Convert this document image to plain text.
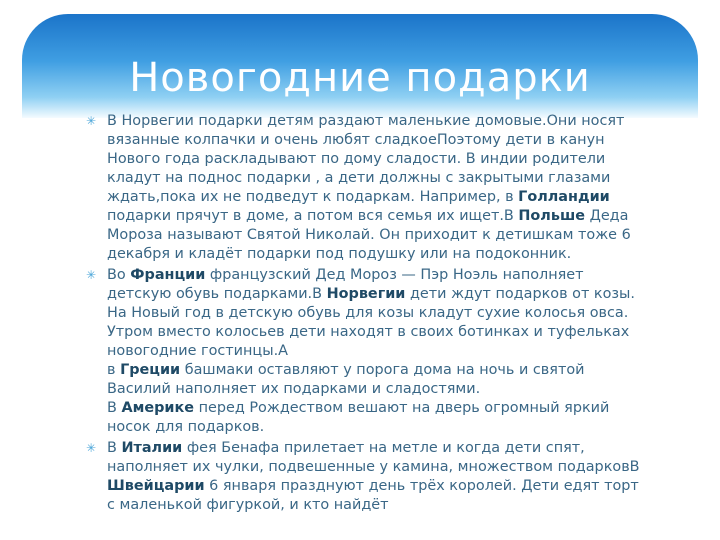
Новогодние подарки
✳ В Норвегии подарки детям раздают маленькие домовые.Они носят вязанные колпачки и очень любят сладкоеПоэтому дети в канун Нового года раскладывают по дому сладости. В индии родители кладут на поднос подарки , а дети должны с закрытыми глазами ждать,пока их не подведут к подаркам. Например, в Голландии подарки прячут в доме, а потом вся семья их ищет.В Польше Деда Мороза называют Святой Николай. Он приходит к детишкам тоже 6 декабря и кладёт подарки под подушку или на подоконник.
✳ Во Франции французский Дед Мороз — Пэр Ноэль наполняет детскую обувь подарками.В Норвегии дети ждут подарков от козы. На Новый год в детскую обувь для козы кладут сухие колосья овса. Утром вместо колосьев дети находят в своих ботинках и туфельках новогодние гостинцы.А
в Греции башмаки оставляют у порога дома на ночь и святой Василий наполняет их подарками и сладостями.
В Америке перед Рождеством вешают на дверь огромный яркий носок для подарков.
✳ В Италии фея Бенафа прилетает на метле и когда дети спят, наполняет их чулки, подвешенные у камина, множеством подарковВ Швейцарии 6 января празднуют день трёх королей. Дети едят торт с маленькой фигуркой, и кто найдёт
